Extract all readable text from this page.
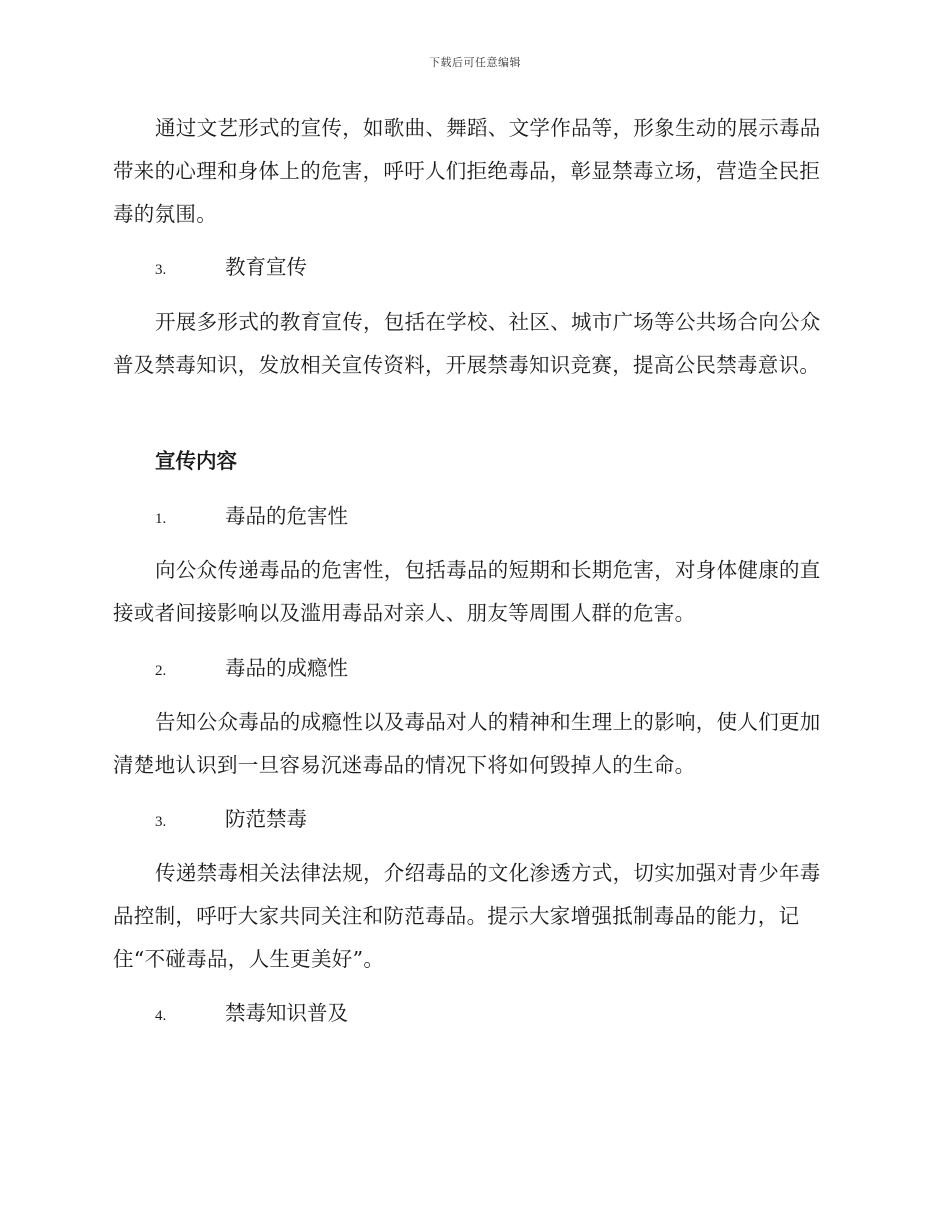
下载后可任意编辑

通过文艺形式的宣传，如歌曲、舞蹈、文学作品等，形象生动的展示毒品带来的心理和身体上的危害，呼吁人们拒绝毒品，彰显禁毒立场，营造全民拒毒的氛围。

3.	教育宣传

开展多形式的教育宣传，包括在学校、社区、城市广场等公共场合向公众普及禁毒知识，发放相关宣传资料，开展禁毒知识竞赛，提高公民禁毒意识。

宣传内容
1.	毒品的危害性

向公众传递毒品的危害性，包括毒品的短期和长期危害，对身体健康的直接或者间接影响以及滥用毒品对亲人、朋友等周围人群的危害。

2.	毒品的成瘾性

告知公众毒品的成瘾性以及毒品对人的精神和生理上的影响，使人们更加清楚地认识到一旦容易沉迷毒品的情况下将如何毁掉人的生命。

3.	防范禁毒

传递禁毒相关法律法规，介绍毒品的文化渗透方式，切实加强对青少年毒品控制，呼吁大家共同关注和防范毒品。提示大家增强抵制毒品的能力，记住“不碰毒品，人生更美好”。

4.	禁毒知识普及
